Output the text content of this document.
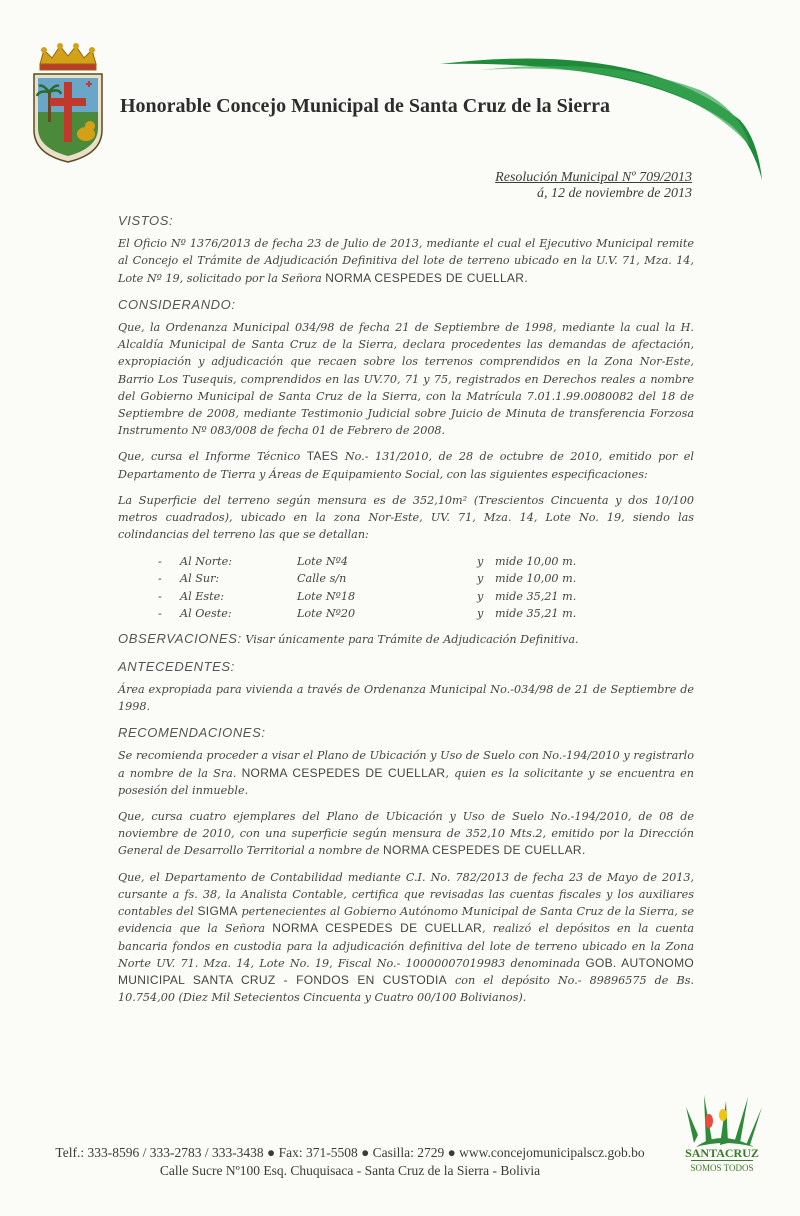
Honorable Concejo Municipal de Santa Cruz de la Sierra
Resolución Municipal Nº 709/2013
á, 12 de noviembre de 2013
VISTOS:

El Oficio Nº 1376/2013 de fecha 23 de Julio de 2013, mediante el cual el Ejecutivo Municipal remite al Concejo el Trámite de Adjudicación Definitiva del lote de terreno ubicado en la U.V. 71, Mza. 14, Lote Nº 19, solicitado por la Señora NORMA CESPEDES DE CUELLAR.

CONSIDERANDO:

Que, la Ordenanza Municipal 034/98 de fecha 21 de Septiembre de 1998, mediante la cual la H. Alcaldía Municipal de Santa Cruz de la Sierra, declara procedentes las demandas de afectación, expropiación y adjudicación que recaen sobre los terrenos comprendidos en la Zona Nor-Este, Barrio Los Tusequis, comprendidos en las UV.70, 71 y 75, registrados en Derechos reales a nombre del Gobierno Municipal de Santa Cruz de la Sierra, con la Matrícula 7.01.1.99.0080082 del 18 de Septiembre de 2008, mediante Testimonio Judicial sobre Juicio de Minuta de transferencia Forzosa Instrumento Nº 083/008 de fecha 01 de Febrero de 2008.

Que, cursa el Informe Técnico TAES No.- 131/2010, de 28 de octubre de 2010, emitido por el Departamento de Tierra y Áreas de Equipamiento Social, con las siguientes especificaciones:

La Superficie del terreno según mensura es de 352,10m² (Trescientos Cincuenta y dos 10/100 metros cuadrados), ubicado en la zona Nor-Este, UV. 71, Mza. 14, Lote No. 19, siendo las colindancias del terreno las que se detallan:

-	Al Norte:	Lote Nº4	y	mide 10,00 m.
-	Al Sur:	Calle s/n	y	mide 10,00 m.
-	Al Este:	Lote Nº18	y	mide 35,21 m.
-	Al Oeste:	Lote Nº20	y	mide 35,21 m.

OBSERVACIONES: Visar únicamente para Trámite de Adjudicación Definitiva.

ANTECEDENTES:

Área expropiada para vivienda a través de Ordenanza Municipal No.-034/98 de 21 de Septiembre de 1998.

RECOMENDACIONES:

Se recomienda proceder a visar el Plano de Ubicación y Uso de Suelo con No.-194/2010 y registrarlo a nombre de la Sra. NORMA CESPEDES DE CUELLAR, quien es la solicitante y se encuentra en posesión del inmueble.

Que, cursa cuatro ejemplares del Plano de Ubicación y Uso de Suelo No.-194/2010, de 08 de noviembre de 2010, con una superficie según mensura de 352,10 Mts.2, emitido por la Dirección General de Desarrollo Territorial a nombre de NORMA CESPEDES DE CUELLAR.

Que, el Departamento de Contabilidad mediante C.I. No. 782/2013 de fecha 23 de Mayo de 2013, cursante a fs. 38, la Analista Contable, certifica que revisadas las cuentas fiscales y los auxiliares contables del SIGMA pertenecientes al Gobierno Autónomo Municipal de Santa Cruz de la Sierra, se evidencia que la Señora NORMA CESPEDES DE CUELLAR, realizó el depósitos en la cuenta bancaria fondos en custodia para la adjudicación definitiva del lote de terreno ubicado en la Zona Norte UV. 71. Mza. 14, Lote No. 19, Fiscal No.- 10000007019983 denominada GOB. AUTONOMO MUNICIPAL SANTA CRUZ - FONDOS EN CUSTODIA con el depósito No.- 89896575 de Bs. 10.754,00 (Diez Mil Setecientos Cincuenta y Cuatro 00/100 Bolivianos).

SANTACRUZ
SOMOS TODOS
Telf.: 333-8596 / 333-2783 / 333-3438 ● Fax: 371-5508 ● Casilla: 2729 ● www.concejomunicipalscz.gob.bo
Calle Sucre Nº100 Esq. Chuquisaca - Santa Cruz de la Sierra - Bolivia
